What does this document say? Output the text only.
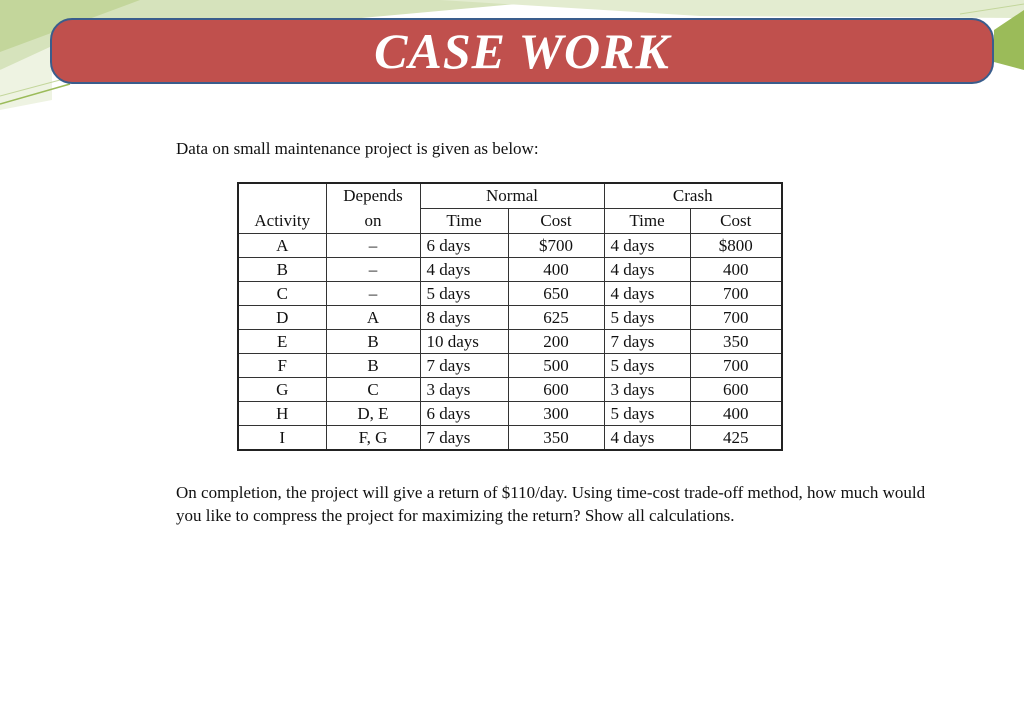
CASE WORK
Data on small maintenance project is given as below:
Activity	Depends	Normal		Crash	
	on	Time	Cost	Time	Cost
A	–	6 days	$700	4 days	$800
B	–	4 days	400	4 days	400
C	–	5 days	650	4 days	700
D	A	8 days	625	5 days	700
E	B	10 days	200	7 days	350
F	B	7 days	500	5 days	700
G	C	3 days	600	3 days	600
H	D, E	6 days	300	5 days	400
I	F, G	7 days	350	4 days	425
On completion, the project will give a return of $110/day. Using time-cost trade-off method, how much would you like to compress the project for maximizing the return? Show all calculations.
